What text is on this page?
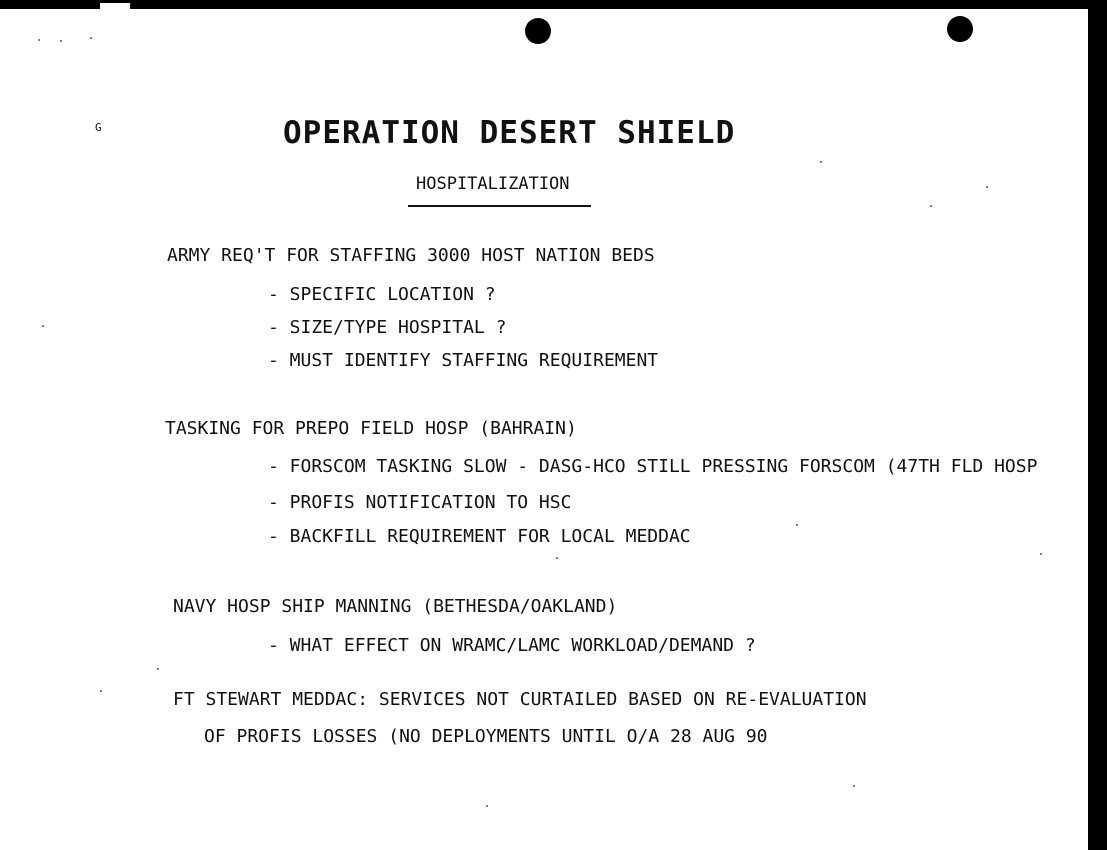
G	OPERATION DESERT SHIELD
HOSPITALIZATION
ARMY REQ'T FOR STAFFING 3000 HOST NATION BEDS
- SPECIFIC LOCATION ?
- SIZE/TYPE HOSPITAL ?
- MUST IDENTIFY STAFFING REQUIREMENT
TASKING FOR PREPO FIELD HOSP (BAHRAIN)
- FORSCOM TASKING SLOW - DASG-HCO STILL PRESSING FORSCOM (47TH FLD HOSP
- PROFIS NOTIFICATION TO HSC
- BACKFILL REQUIREMENT FOR LOCAL MEDDAC
NAVY HOSP SHIP MANNING (BETHESDA/OAKLAND)
- WHAT EFFECT ON WRAMC/LAMC WORKLOAD/DEMAND ?
FT STEWART MEDDAC: SERVICES NOT CURTAILED BASED ON RE-EVALUATION
OF PROFIS LOSSES (NO DEPLOYMENTS UNTIL O/A 28 AUG 90
